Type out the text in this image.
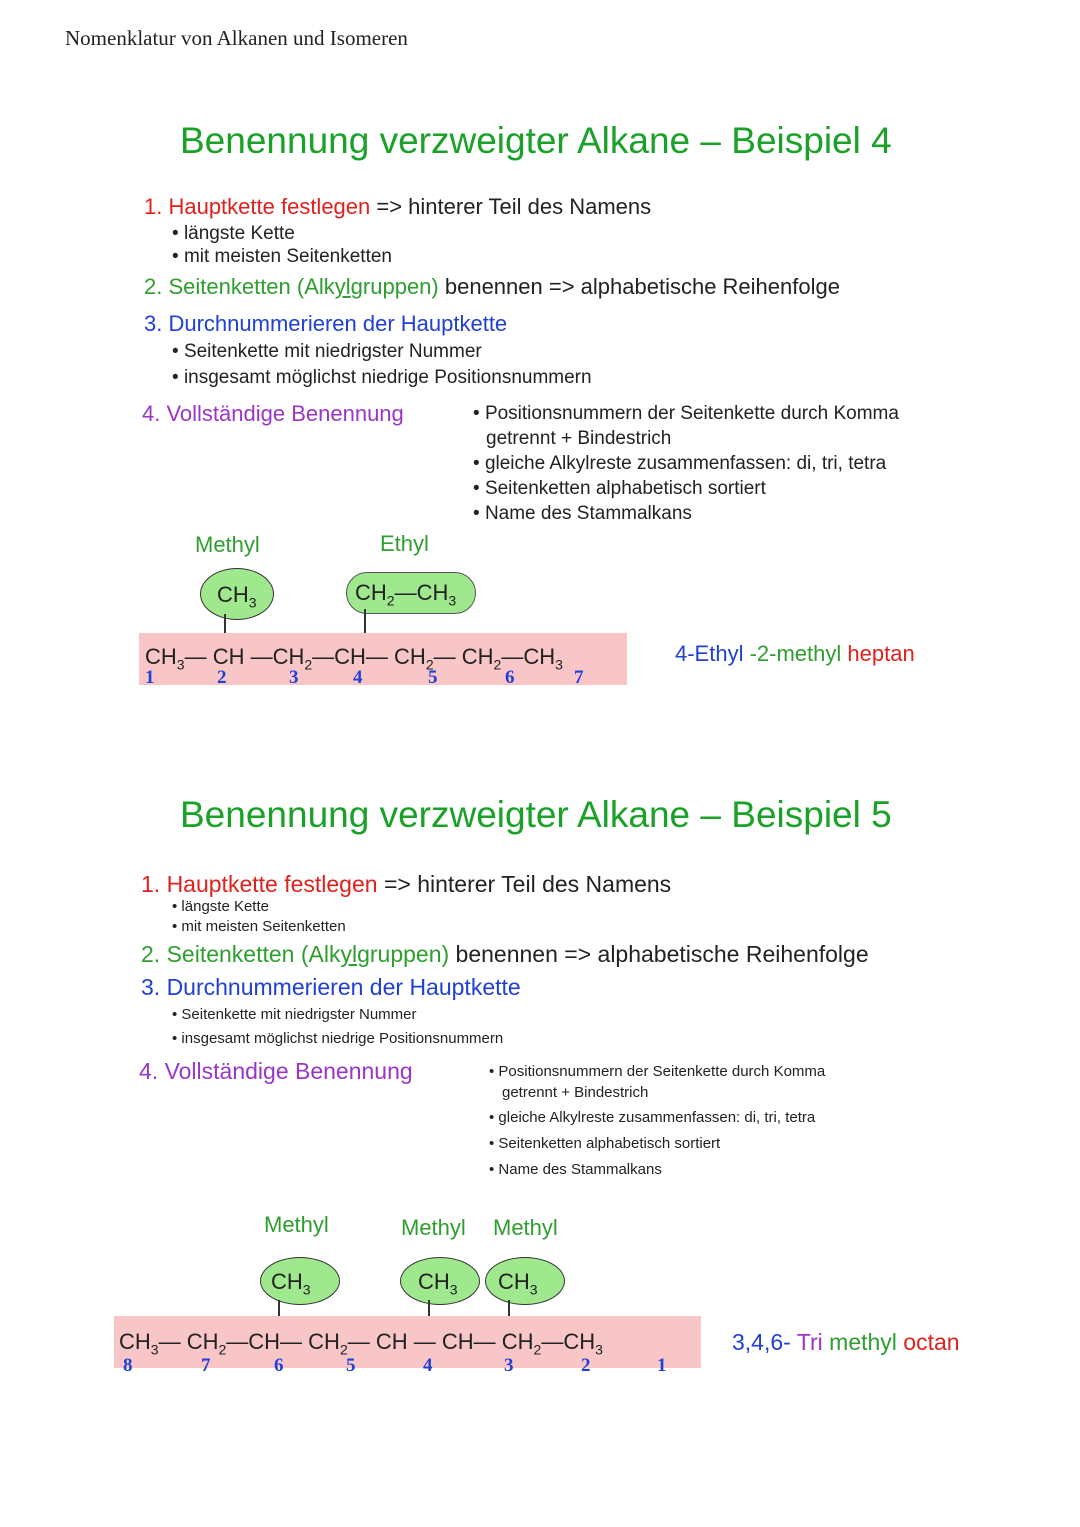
Nomenklatur von Alkanen und Isomeren
Benennung verzweigter Alkane – Beispiel 4
1. Hauptkette festlegen => hinterer Teil des Namens
• längste Kette
• mit meisten Seitenketten
2. Seitenketten (Alkylgruppen) benennen => alphabetische Reihenfolge
3. Durchnummerieren der Hauptkette
• Seitenkette mit niedrigster Nummer
• insgesamt möglichst niedrige Positionsnummern
4. Vollständige Benennung	• Positionsnummern der Seitenkette durch Komma
getrennt + Bindestrich
• gleiche Alkylreste zusammenfassen: di, tri, tetra
• Seitenketten alphabetisch sortiert
• Name des Stammalkans
Methyl	Ethyl
$CH_3$	$CH_2—CH_3$
$CH_3—$ CH $—CH_2—CH—$ $CH_2—$ $CH_2—CH_3$
1	2	3	4	5	6	7
4-Ethyl -2-methyl heptan
Benennung verzweigter Alkane – Beispiel 5
1. Hauptkette festlegen => hinterer Teil des Namens
• längste Kette
• mit meisten Seitenketten
2. Seitenketten (Alkylgruppen) benennen => alphabetische Reihenfolge
3. Durchnummerieren der Hauptkette
• Seitenkette mit niedrigster Nummer
• insgesamt möglichst niedrige Positionsnummern
4. Vollständige Benennung	• Positionsnummern der Seitenkette durch Komma
getrennt + Bindestrich
• gleiche Alkylreste zusammenfassen: di, tri, tetra
• Seitenketten alphabetisch sortiert
• Name des Stammalkans
Methyl	Methyl Methyl
$CH_3$	$CH_3$ $CH_3$
$CH_3—$ $CH_2—CH—$ $CH_2—$ CH — CH— $CH_2—CH_3$
8	7	6	5	4	3	2	1
3,4,6- Tri methyl octan
